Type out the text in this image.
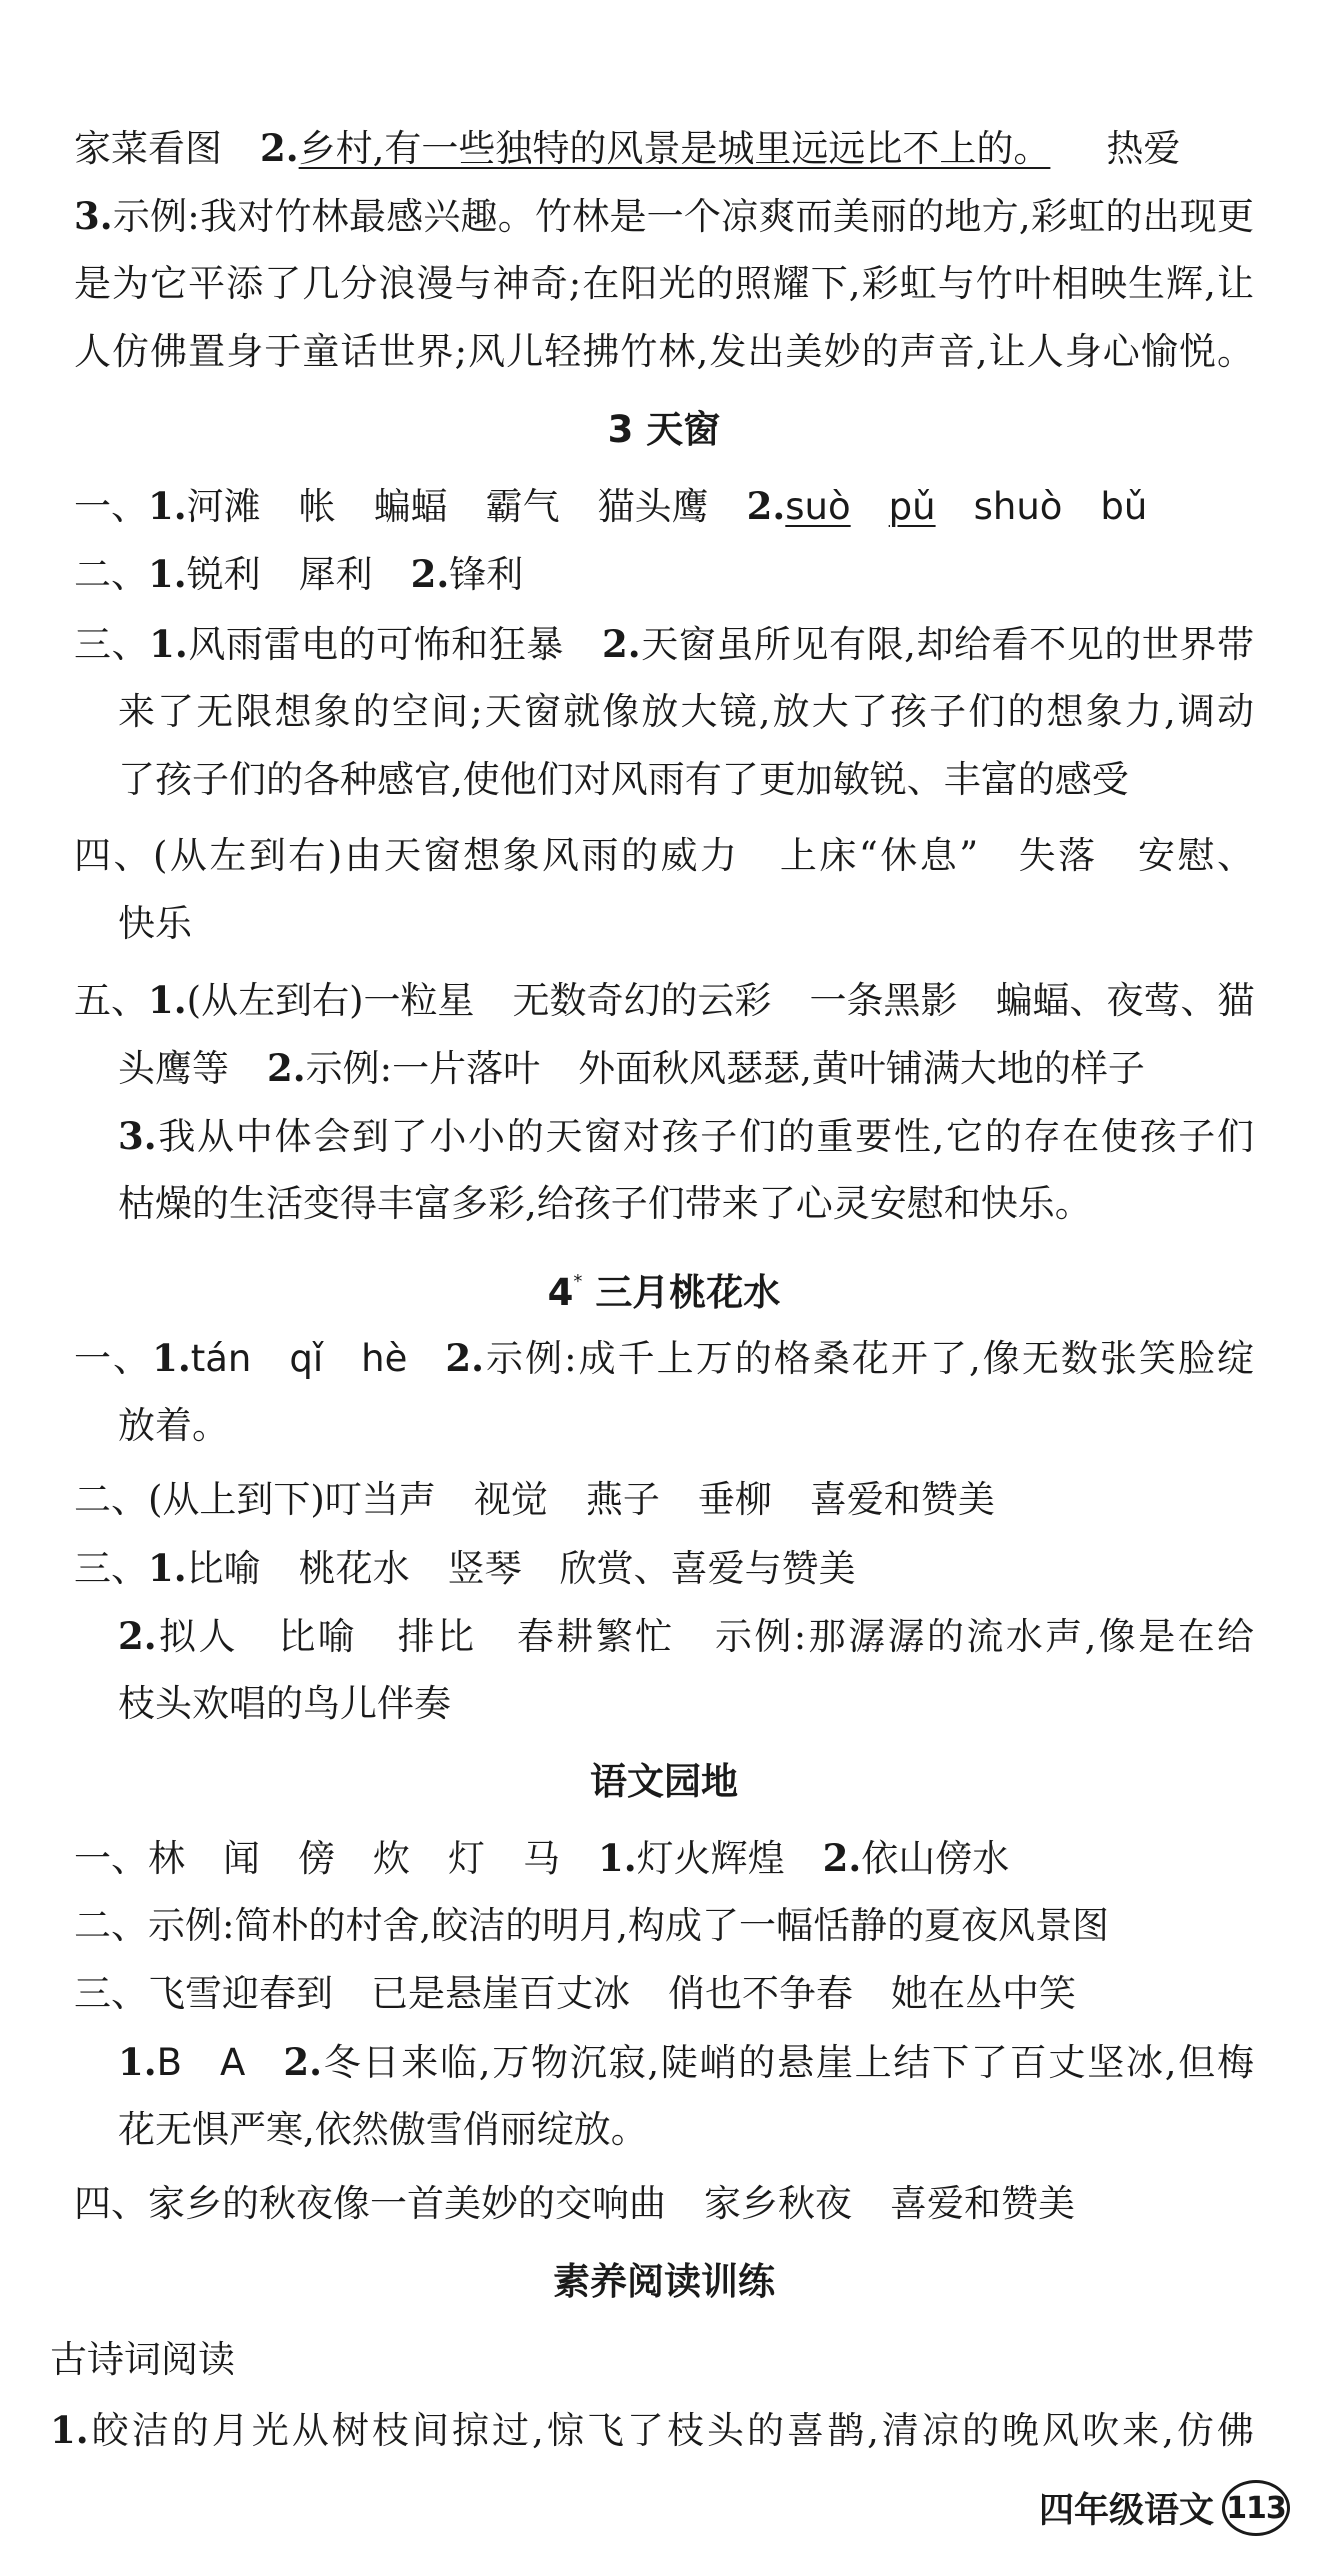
家菜看图 2.乡村,有一些独特的风景是城里远远比不上的。 热爱
3.示例:我对竹林最感兴趣。竹林是一个凉爽而美丽的地方,彩虹的出现更
是为它平添了几分浪漫与神奇;在阳光的照耀下,彩虹与竹叶相映生辉,让
人仿佛置身于童话世界;风儿轻拂竹林,发出美妙的声音,让人身心愉悦。
3 天窗
一、1.河滩 帐 蝙蝠 霸气 猫头鹰 2.suò pǔ shuò bǔ
二、1.锐利 犀利 2.锋利
三、1.风雨雷电的可怖和狂暴 2.天窗虽所见有限,却给看不见的世界带
来了无限想象的空间;天窗就像放大镜,放大了孩子们的想象力,调动
了孩子们的各种感官,使他们对风雨有了更加敏锐、丰富的感受
四、(从左到右)由天窗想象风雨的威力 上床“休息” 失落 安慰、
快乐
五、1.(从左到右)一粒星 无数奇幻的云彩 一条黑影 蝙蝠、夜莺、猫
头鹰等 2.示例:一片落叶 外面秋风瑟瑟,黄叶铺满大地的样子
3.我从中体会到了小小的天窗对孩子们的重要性,它的存在使孩子们
枯燥的生活变得丰富多彩,给孩子们带来了心灵安慰和快乐。
4* 三月桃花水
一、1.tán qǐ hè 2.示例:成千上万的格桑花开了,像无数张笑脸绽
放着。
二、(从上到下)叮当声 视觉 燕子 垂柳 喜爱和赞美
三、1.比喻 桃花水 竖琴 欣赏、喜爱与赞美
2.拟人 比喻 排比 春耕繁忙 示例:那潺潺的流水声,像是在给
枝头欢唱的鸟儿伴奏
语文园地
一、林 闻 傍 炊 灯 马 1.灯火辉煌 2.依山傍水
二、示例:简朴的村舍,皎洁的明月,构成了一幅恬静的夏夜风景图
三、飞雪迎春到 已是悬崖百丈冰 俏也不争春 她在丛中笑
1.B A 2.冬日来临,万物沉寂,陡峭的悬崖上结下了百丈坚冰,但梅
花无惧严寒,依然傲雪俏丽绽放。
四、家乡的秋夜像一首美妙的交响曲 家乡秋夜 喜爱和赞美
素养阅读训练
古诗词阅读
1.皎洁的月光从树枝间掠过,惊飞了枝头的喜鹊,清凉的晚风吹来,仿佛
四年级语文 113
